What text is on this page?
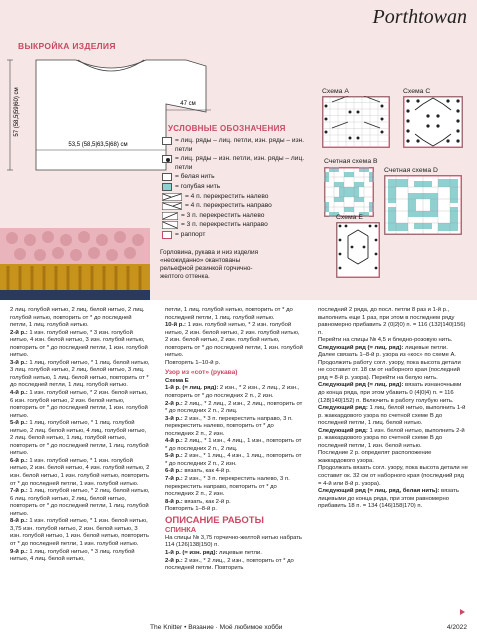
Porthtowan
ВЫКРОЙКА ИЗДЕЛИЯ
57 (58,5|59|60) см
53,5 (58,5|63,5|68) см
47 см
УСЛОВНЫЕ ОБОЗНАЧЕНИЯ
= лиц. ряды – лиц. петли, изн. ряды – изн. петли
= лиц. ряды – изн. петли, изн. ряды – лиц. петли
= белая нить
= голубая нить
= 4 п. перекрестить налево
= 4 п. перекрестить направо
= 3 п. перекрестить налево
= 3 п. перекрестить направо
= раппорт
Горловина, рукава и низ изделия «неожиданно» окантованы рельефной резинкой горчично-желтого оттенка.
Схема А	Схема С
Счетная схема В
Счетная схема D
Схема Е

2 лиц. голубой нитью, 2 лиц. белой нитью, 2 лиц. голубой нитью, повторить от * до последней петли, 1 лиц. голубой нитью.

2-й р.: 1 изн. голубой нитью, * 3 изн. голубой нитью, 4 изн. белой нитью, 3 изн. голубой нитью, повторить от * до последней петли, 1 изн. голубой нитью.

3-й р.: 1 лиц. голубой нитью, * 1 лиц. белой нитью, 3 лиц. голубой нитью, 2 лиц. белой нитью, 3 лиц. голубой нитью, 1 лиц. белой нитью, повторить от * до последней петли, 1 лиц. голубой нитью.

4-й р.: 1 изн. голубой нитью, * 2 изн. белой нитью, 6 изн. голубой нитью, 2 изн. белой нитью, повторить от * до последней петли, 1 изн. голубой нитью.

5-й р.: 1 лиц. голубой нитью, * 1 лиц. голубой нитью, 2 лиц. белой нитью, 4 лиц. голубой нитью, 2 лиц. белой нитью, 1 лиц. голубой нитью, повторить от * до последней петли, 1 лиц. голубой нитью.

6-й р.: 1 изн. голубой нитью, * 1 изн. голубой нитью, 2 изн. белой нитью, 4 изн. голубой нитью, 2 изн. белой нитью, 1 изн. голубой нитью, повторить от * до последней петли, 1 изн. голубой нитью.

7-й р.: 1 лиц. голубой нитью, * 2 лиц. белой нитью, 6 лиц. голубой нитью, 2 лиц. белой нитью, повторить от * до последней петли, 1 лиц. голубой нитью.

8-й р.: 1 изн. голубой нитью, * 1 изн. белой нитью, 3,75 изн. голубой нитью, 2 изн. белой нитью, 3 изн. голубой нитью, 1 изн. белой нитью, повторить от * до последней петли, 1 изн. голубой нитью.

9-й р.: 1 лиц. голубой нитью, * 3 лиц. голубой нитью, 4 лиц. белой нитью,

петли, 1 лиц. голубой нитью, повторить от * до последней петли, 1 лиц. голубой нитью.

10-й р.: 1 изн. голубой нитью, * 2 изн. голубой нитью, 2 изн. белой нитью, 2 изн. голубой нитью, 2 изн. белой нитью, 2 изн. голубой нитью, повторить от * до последней петли, 1 изн. голубой нитью.

Повторять 1–10-й р.

Узор из «сот» (рукава)

Схема Е

1-й р. (= лиц. ряд): 2 изн., * 2 изн., 2 лиц., 2 изн., повторить от * до последних 2 п., 2 изн.

2-й р.: 2 лиц., * 2 лиц., 2 изн., 2 лиц., повторить от * до последних 2 п., 2 лиц.

3-й р.: 2 изн., * 3 п. перекрестить направо, 3 п. перекрестить налево, повторить от * до последних 2 п., 2 изн.

4-й р.: 2 лиц., * 1 изн., 4 лиц., 1 изн., повторить от * до последних 2 п., 2 лиц.

5-й р.: 2 изн., * 1 лиц., 4 изн., 1 лиц., повторить от * до последних 2 п., 2 изн.

6-й р.: вязать, как 4-й р.

7-й р.: 2 изн., * 3 п. перекрестить налево, 3 п. перекрестить направо, повторить от * до последних 2 п., 2 изн.

8-й р.: вязать, как 2-й р.

Повторять 1–8-й р.

ОПИСАНИЕ РАБОТЫ
СПИНКА

На спицы № 3,75 горчично-желтой нитью набрать 114 (126|138|150) п.

1-й р. (= изн. ряд): лицевые петли.

2-й р.: 2 изн., * 2 лиц., 2 изн., повторить от * до последней петли. Повторить

последний 2 ряда, до посл. петли 8 раз и 1-й р., выполнить еще 1 раз, при этом в последнем ряду равномерно прибавить 2 (0|2|0) п. = 116 (132|140|156) п.

Перейти на спицы № 4,5 и бледно-розовую нить.

Следующий ряд (= лиц. ряд): лицевые петли.

Далее связать 1–8-й р. узора из «кос» по схеме А.

Продолжить работу согл. узору, пока высота детали не составит от. 18 см от наборного края (последний ряд = 8-й р. узора). Перейти на белую нить.

Следующий ряд (= лиц. ряд): вязать изнаночными до конца ряда, при этом убавить 0 (4|0|4) п. = 116 (128|140|152) п. Включить в работу голубую нить.

Следующий ряд: 1 лиц. белой нитью, выполнить 1-й р. жаккардового узора по счетной схеме В до последней петли, 1 лиц. белой нитью.

Следующий ряд: 1 изн. белой нитью, выполнить 2-й р. жаккардового узора по счетной схеме В до последней петли, 1 изн. белой нитью.

Последние 2 р. определят расположение жаккардового узора.

Продолжать вязать согл. узору, пока высота детали не составит ок. 32 см от наборного края (последний ряд = 4-й или 8-й р. узора).

Следующий ряд (= лиц. ряд, белая нить): вязать лицевыми до конца ряда, при этом равномерно прибавить 18 п. = 134 (146|158|170) п.

The Knitter • Вязание · Моё любимое хобби	4/2022
